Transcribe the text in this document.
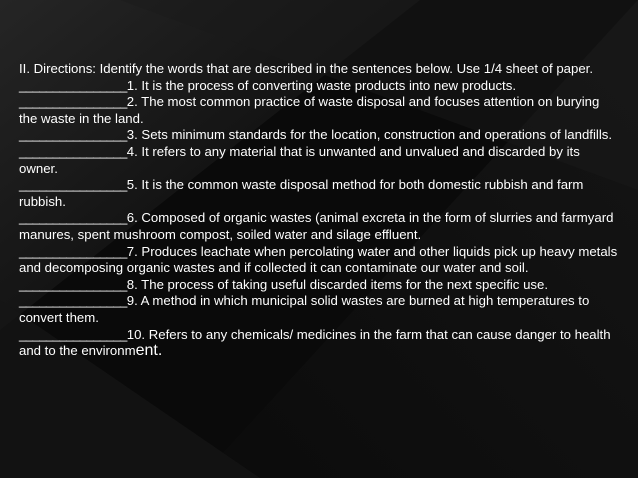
II. Directions: Identify the words that are described in the sentences below. Use 1/4 sheet of paper.

________________1. It is the process of converting waste products into new products.

________________2. The most common practice of waste disposal and focuses attention on burying the waste in the land.

________________3. Sets minimum standards for the location, construction and operations of landfills.

________________4. It refers to any material that is unwanted and unvalued and discarded by its owner.

________________5. It is the common waste disposal method for both domestic rubbish and farm rubbish.

________________6. Composed of organic wastes (animal excreta in the form of slurries and farmyard manures, spent mushroom compost, soiled water and silage effluent.

________________7. Produces leachate when percolating water and other liquids pick up heavy metals and decomposing organic wastes and if collected it can contaminate our water and soil.

________________8. The process of taking useful discarded items for the next specific use.

________________9. A method in which municipal solid wastes are burned at high temperatures to convert them.

________________10. Refers to any chemicals/ medicines in the farm that can cause danger to health and to the environment.
